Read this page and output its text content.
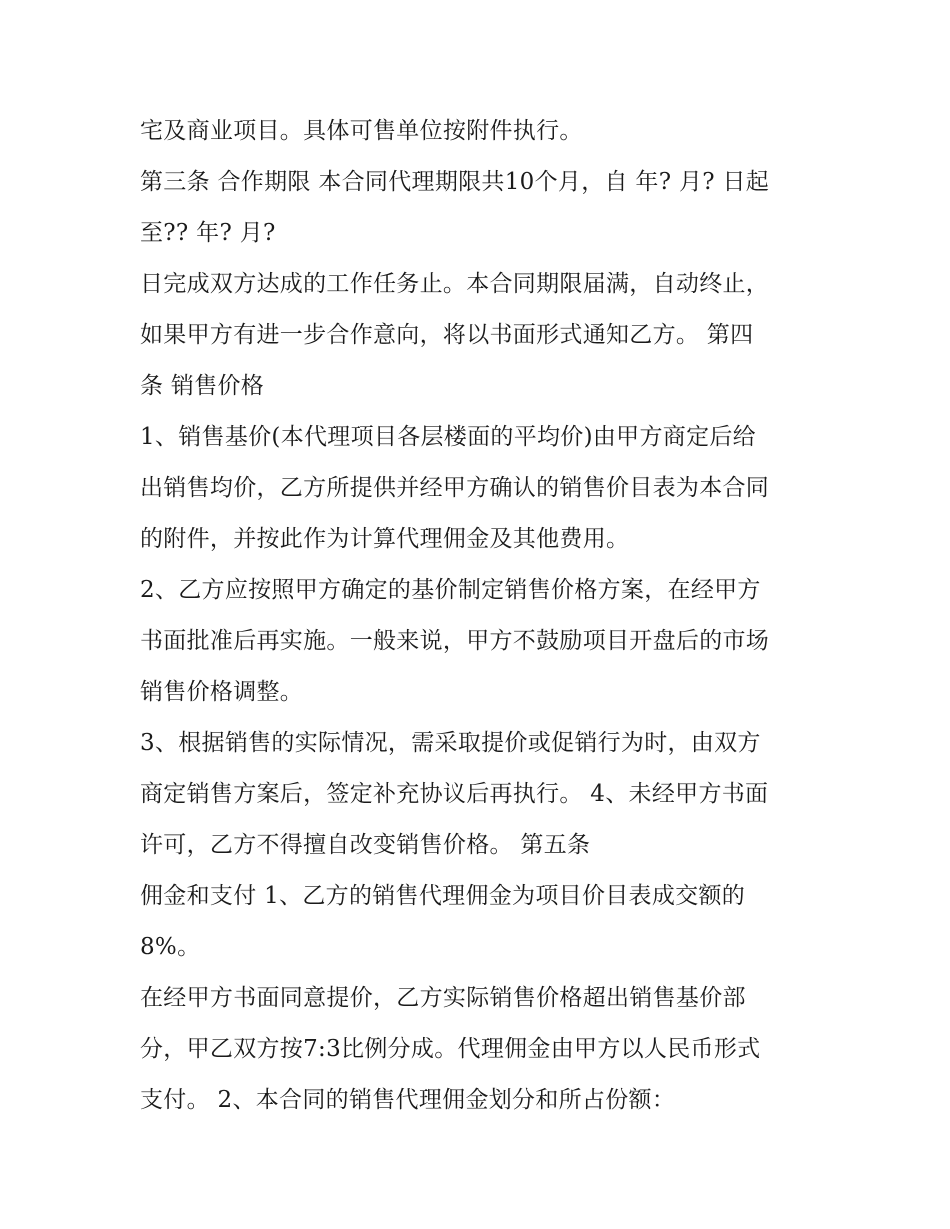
宅及商业项目。具体可售单位按附件执行。
第三条 合作期限 本合同代理期限共10个月，自 年? 月? 日起
至?? 年? 月?
日完成双方达成的工作任务止。本合同期限届满，自动终止，
如果甲方有进一步合作意向，将以书面形式通知乙方。 第四
条 销售价格
1、销售基价(本代理项目各层楼面的平均价)由甲方商定后给
出销售均价，乙方所提供并经甲方确认的销售价目表为本合同
的附件，并按此作为计算代理佣金及其他费用。
2、乙方应按照甲方确定的基价制定销售价格方案，在经甲方
书面批准后再实施。一般来说，甲方不鼓励项目开盘后的市场
销售价格调整。
3、根据销售的实际情况，需采取提价或促销行为时，由双方
商定销售方案后，签定补充协议后再执行。 4、未经甲方书面
许可，乙方不得擅自改变销售价格。 第五条
佣金和支付 1、乙方的销售代理佣金为项目价目表成交额的
8%。
在经甲方书面同意提价，乙方实际销售价格超出销售基价部
分，甲乙双方按7:3比例分成。代理佣金由甲方以人民币形式
支付。 2、本合同的销售代理佣金划分和所占份额：
